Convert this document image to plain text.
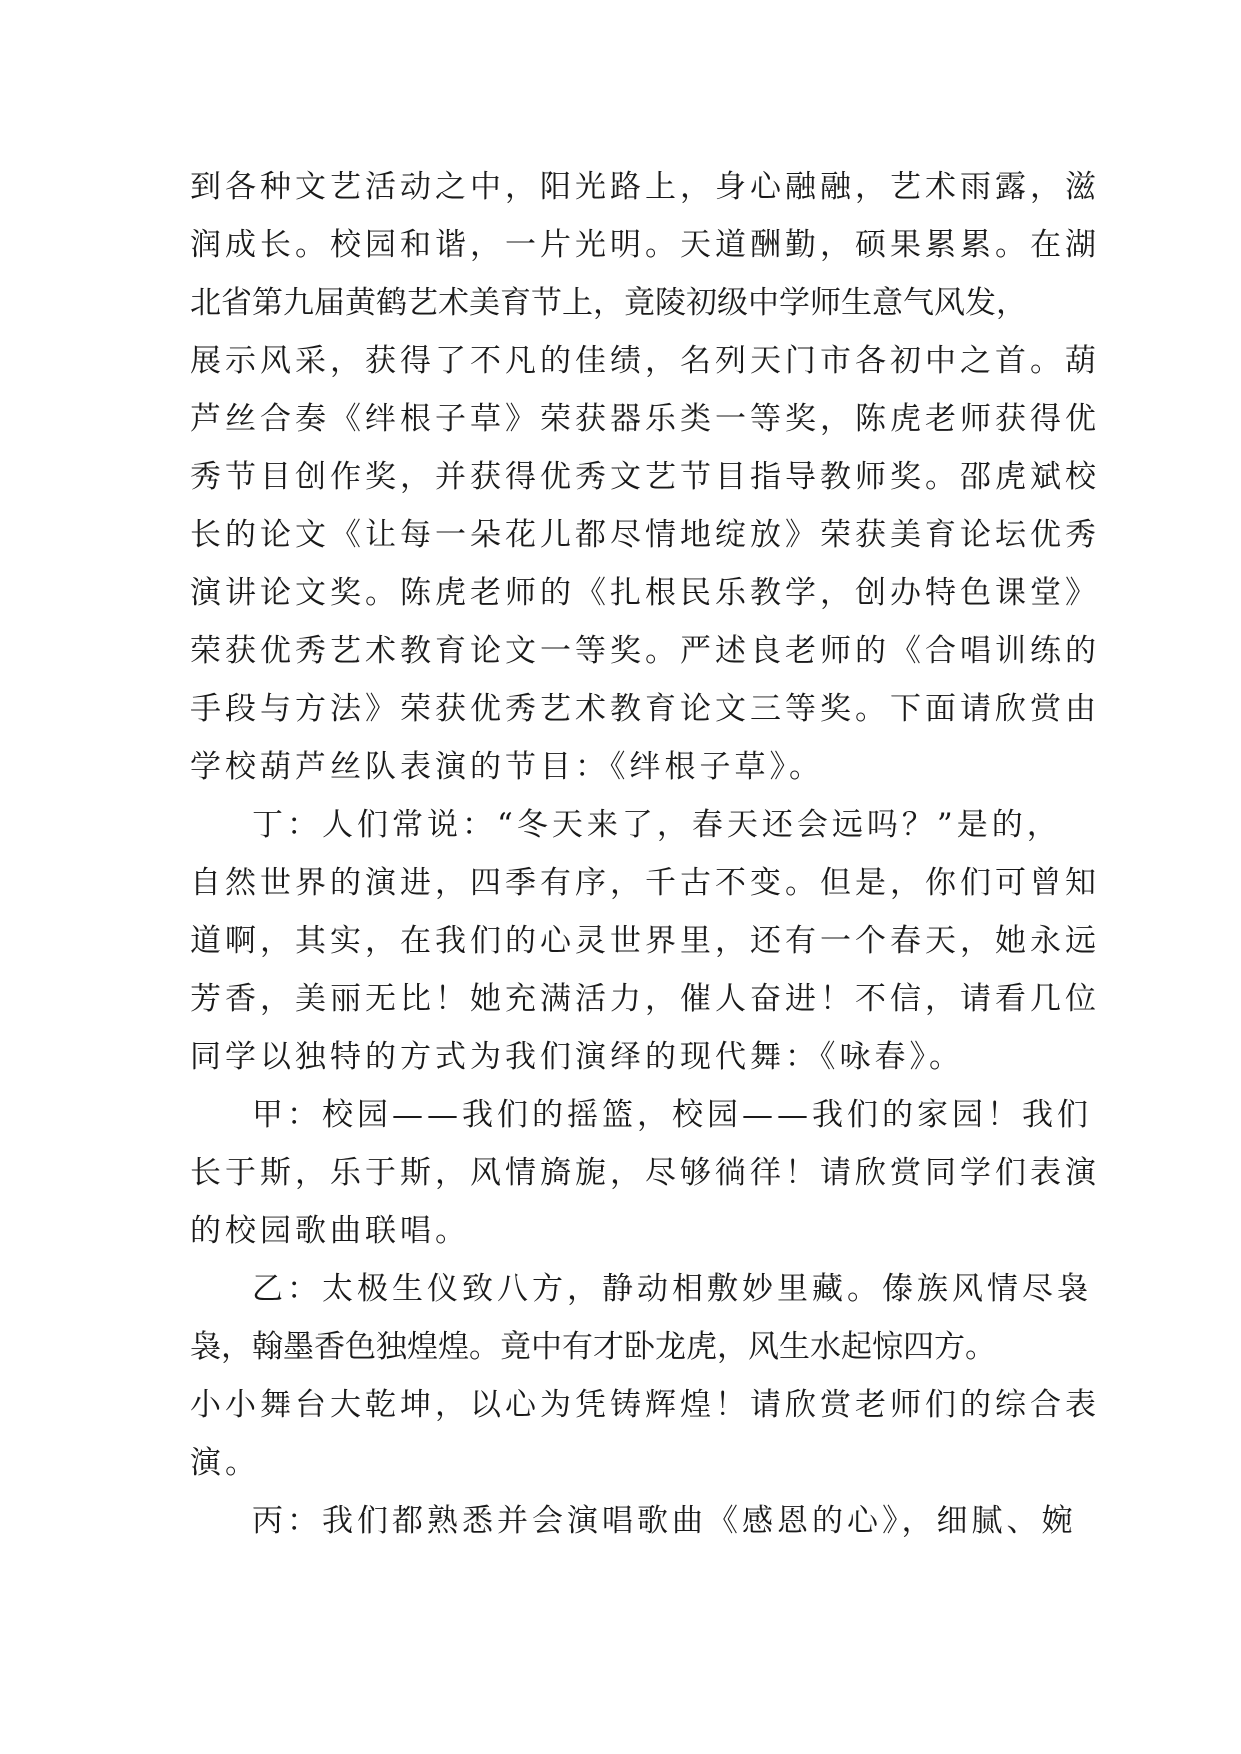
到各种文艺活动之中，阳光路上，身心融融，艺术雨露，滋
润成长。校园和谐，一片光明。天道酬勤，硕果累累。在湖
北省第九届黄鹤艺术美育节上，竟陵初级中学师生意气风发，
展示风采，获得了不凡的佳绩，名列天门市各初中之首。葫
芦丝合奏《绊根子草》荣获器乐类一等奖，陈虎老师获得优
秀节目创作奖，并获得优秀文艺节目指导教师奖。邵虎斌校
长的论文《让每一朵花儿都尽情地绽放》荣获美育论坛优秀
演讲论文奖。陈虎老师的《扎根民乐教学，创办特色课堂》
荣获优秀艺术教育论文一等奖。严述良老师的《合唱训练的
手段与方法》荣获优秀艺术教育论文三等奖。下面请欣赏由
学校葫芦丝队表演的节目：《绊根子草》。
丁：人们常说：“冬天来了，春天还会远吗？”是的，
自然世界的演进，四季有序，千古不变。但是，你们可曾知
道啊，其实，在我们的心灵世界里，还有一个春天，她永远
芳香，美丽无比！她充满活力，催人奋进！不信，请看几位
同学以独特的方式为我们演绎的现代舞：《咏春》。
甲：校园——我们的摇篮，校园——我们的家园！我们
长于斯，乐于斯，风情旖旎，尽够徜徉！请欣赏同学们表演
的校园歌曲联唱。
乙：太极生仪致八方，静动相敷妙里藏。傣族风情尽袅
袅，翰墨香色独煌煌。竟中有才卧龙虎，风生水起惊四方。
小小舞台大乾坤，以心为凭铸辉煌！请欣赏老师们的综合表
演。
丙：我们都熟悉并会演唱歌曲《感恩的心》，细腻、婉
